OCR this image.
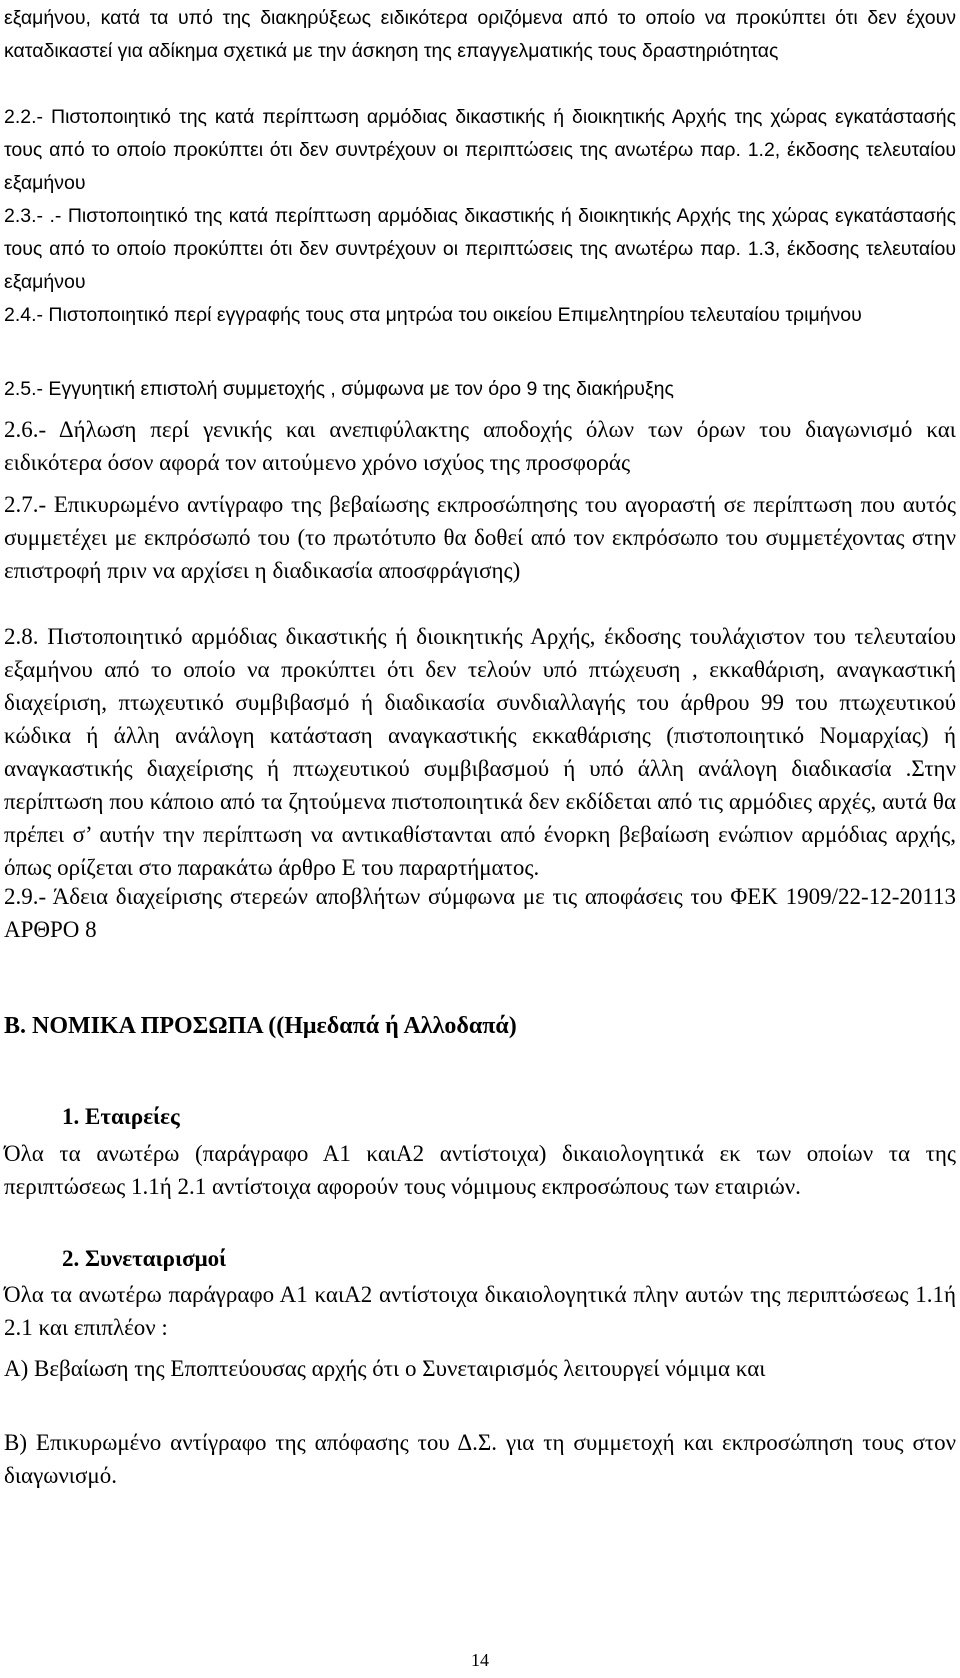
εξαμήνου, κατά τα υπό της διακηρύξεως ειδικότερα οριζόμενα από το οποίο να προκύπτει ότι δεν έχουν καταδικαστεί για αδίκημα σχετικά με την άσκηση της επαγγελματικής τους δραστηριότητας

2.2.- Πιστοποιητικό της κατά περίπτωση αρμόδιας δικαστικής ή διοικητικής Αρχής της χώρας εγκατάστασής τους από το οποίο προκύπτει ότι δεν συντρέχουν οι περιπτώσεις της ανωτέρω παρ. 1.2, έκδοσης τελευταίου εξαμήνου

2.3.- .- Πιστοποιητικό της κατά περίπτωση αρμόδιας δικαστικής ή διοικητικής Αρχής της χώρας εγκατάστασής τους από το οποίο προκύπτει ότι δεν συντρέχουν οι περιπτώσεις της ανωτέρω παρ. 1.3, έκδοσης τελευταίου εξαμήνου

2.4.- Πιστοποιητικό περί εγγραφής τους στα μητρώα του οικείου Επιμελητηρίου τελευταίου τριμήνου

2.5.- Εγγυητική επιστολή συμμετοχής , σύμφωνα με τον όρο 9 της διακήρυξης

2.6.- Δήλωση περί γενικής και ανεπιφύλακτης αποδοχής όλων των όρων του διαγωνισμό και ειδικότερα όσον αφορά τον αιτούμενο χρόνο ισχύος της προσφοράς

2.7.- Επικυρωμένο αντίγραφο της βεβαίωσης εκπροσώπησης του αγοραστή σε περίπτωση που αυτός συμμετέχει με εκπρόσωπό του (το πρωτότυπο θα δοθεί από τον εκπρόσωπο του συμμετέχοντας στην επιστροφή πριν να αρχίσει η διαδικασία αποσφράγισης)

2.8. Πιστοποιητικό αρμόδιας δικαστικής ή διοικητικής Αρχής, έκδοσης τουλάχιστον του τελευταίου εξαμήνου από το οποίο να προκύπτει ότι δεν τελούν υπό πτώχευση , εκκαθάριση, αναγκαστική διαχείριση, πτωχευτικό συμβιβασμό ή διαδικασία συνδιαλλαγής του άρθρου 99 του πτωχευτικού κώδικα ή άλλη ανάλογη κατάσταση αναγκαστικής εκκαθάρισης (πιστοποιητικό Νομαρχίας) ή αναγκαστικής διαχείρισης ή πτωχευτικού συμβιβασμού ή υπό άλλη ανάλογη διαδικασία .Στην περίπτωση που κάποιο από τα ζητούμενα πιστοποιητικά δεν εκδίδεται από τις αρμόδιες αρχές, αυτά θα πρέπει σ’ αυτήν την περίπτωση να αντικαθίστανται από ένορκη βεβαίωση ενώπιον αρμόδιας αρχής, όπως ορίζεται στο παρακάτω άρθρο Ε του παραρτήματος.

2.9.- Άδεια διαχείρισης στερεών αποβλήτων σύμφωνα με τις αποφάσεις του ΦΕΚ 1909/22-12-20113 ΑΡΘΡΟ 8

Β. ΝΟΜΙΚΑ ΠΡΟΣΩΠΑ ((Ημεδαπά ή Αλλοδαπά)

1. Εταιρείες

Όλα τα ανωτέρω (παράγραφο Α1 καιΑ2 αντίστοιχα) δικαιολογητικά εκ των οποίων τα της περιπτώσεως 1.1ή 2.1 αντίστοιχα αφορούν τους νόμιμους εκπροσώπους των εταιριών.

2. Συνεταιρισμοί

Όλα τα ανωτέρω παράγραφο Α1 καιΑ2 αντίστοιχα δικαιολογητικά πλην αυτών της περιπτώσεως 1.1ή 2.1 και επιπλέον :

Α) Βεβαίωση της Εποπτεύουσας αρχής ότι ο Συνεταιρισμός λειτουργεί νόμιμα και

Β) Επικυρωμένο αντίγραφο της απόφασης του Δ.Σ. για τη συμμετοχή και εκπροσώπηση τους στον διαγωνισμό.

14
